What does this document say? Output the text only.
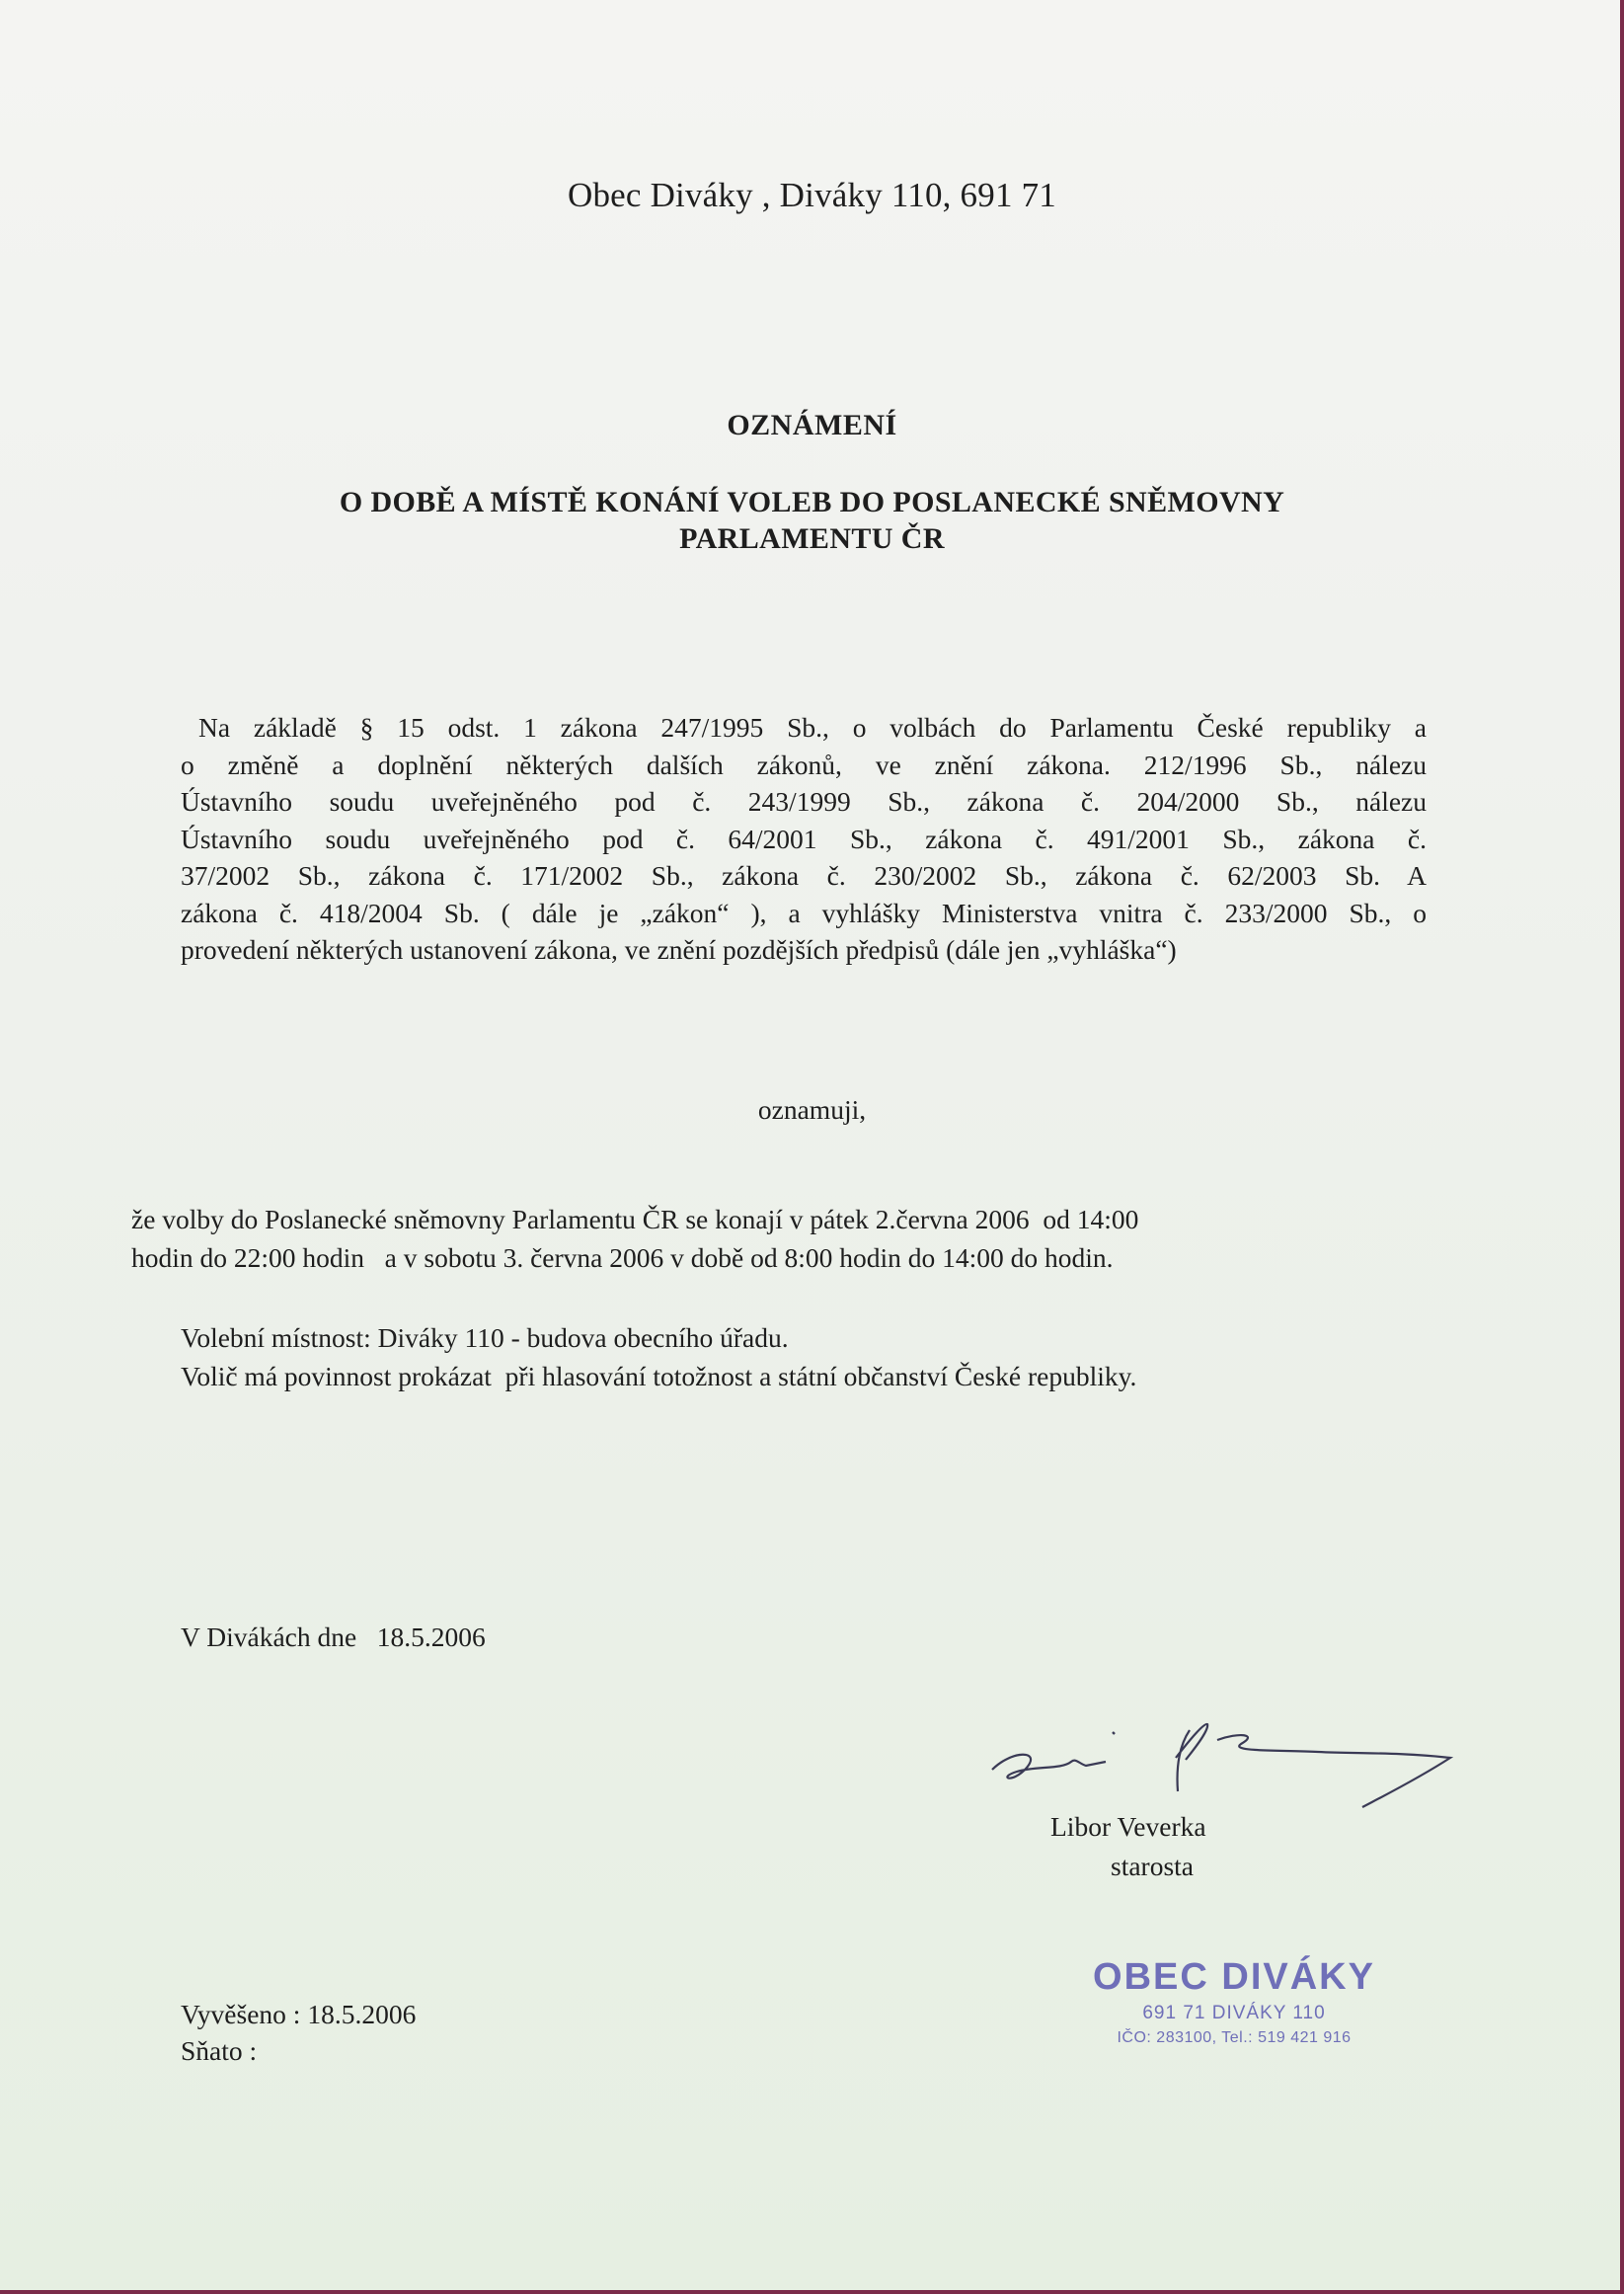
Obec Diváky , Diváky 110, 691 71
OZNÁMENÍ
O DOBĚ A MÍSTĚ KONÁNÍ VOLEB DO POSLANECKÉ SNĚMOVNY
PARLAMENTU ČR
Na základě § 15 odst. 1 zákona 247/1995 Sb., o volbách do Parlamentu České republiky a
o změně a doplnění některých dalších zákonů, ve znění zákona. 212/1996 Sb., nálezu
Ústavního soudu uveřejněného pod č. 243/1999 Sb., zákona č. 204/2000 Sb., nálezu
Ústavního soudu uveřejněného pod č. 64/2001 Sb., zákona č. 491/2001 Sb., zákona č.
37/2002 Sb., zákona č. 171/2002 Sb., zákona č. 230/2002 Sb., zákona č. 62/2003 Sb. A
zákona č. 418/2004 Sb. ( dále je „zákon“ ), a vyhlášky Ministerstva vnitra č. 233/2000 Sb., o
provedení některých ustanovení zákona, ve znění pozdějších předpisů (dále jen „vyhláška“)
oznamuji,
že volby do Poslanecké sněmovny Parlamentu ČR se konají v pátek 2.června 2006  od 14:00
hodin do 22:00 hodin   a v sobotu 3. června 2006 v době od 8:00 hodin do 14:00 do hodin.
Volební místnost: Diváky 110 - budova obecního úřadu.
Volič má povinnost prokázat  při hlasování totožnost a státní občanství České republiky.
V Divákách dne   18.5.2006
Libor Veverka
starosta
Vyvěšeno : 18.5.2006
Sňato :
OBEC DIVÁKY
691 71 DIVÁKY 110
IČO: 283100, Tel.: 519 421 916
